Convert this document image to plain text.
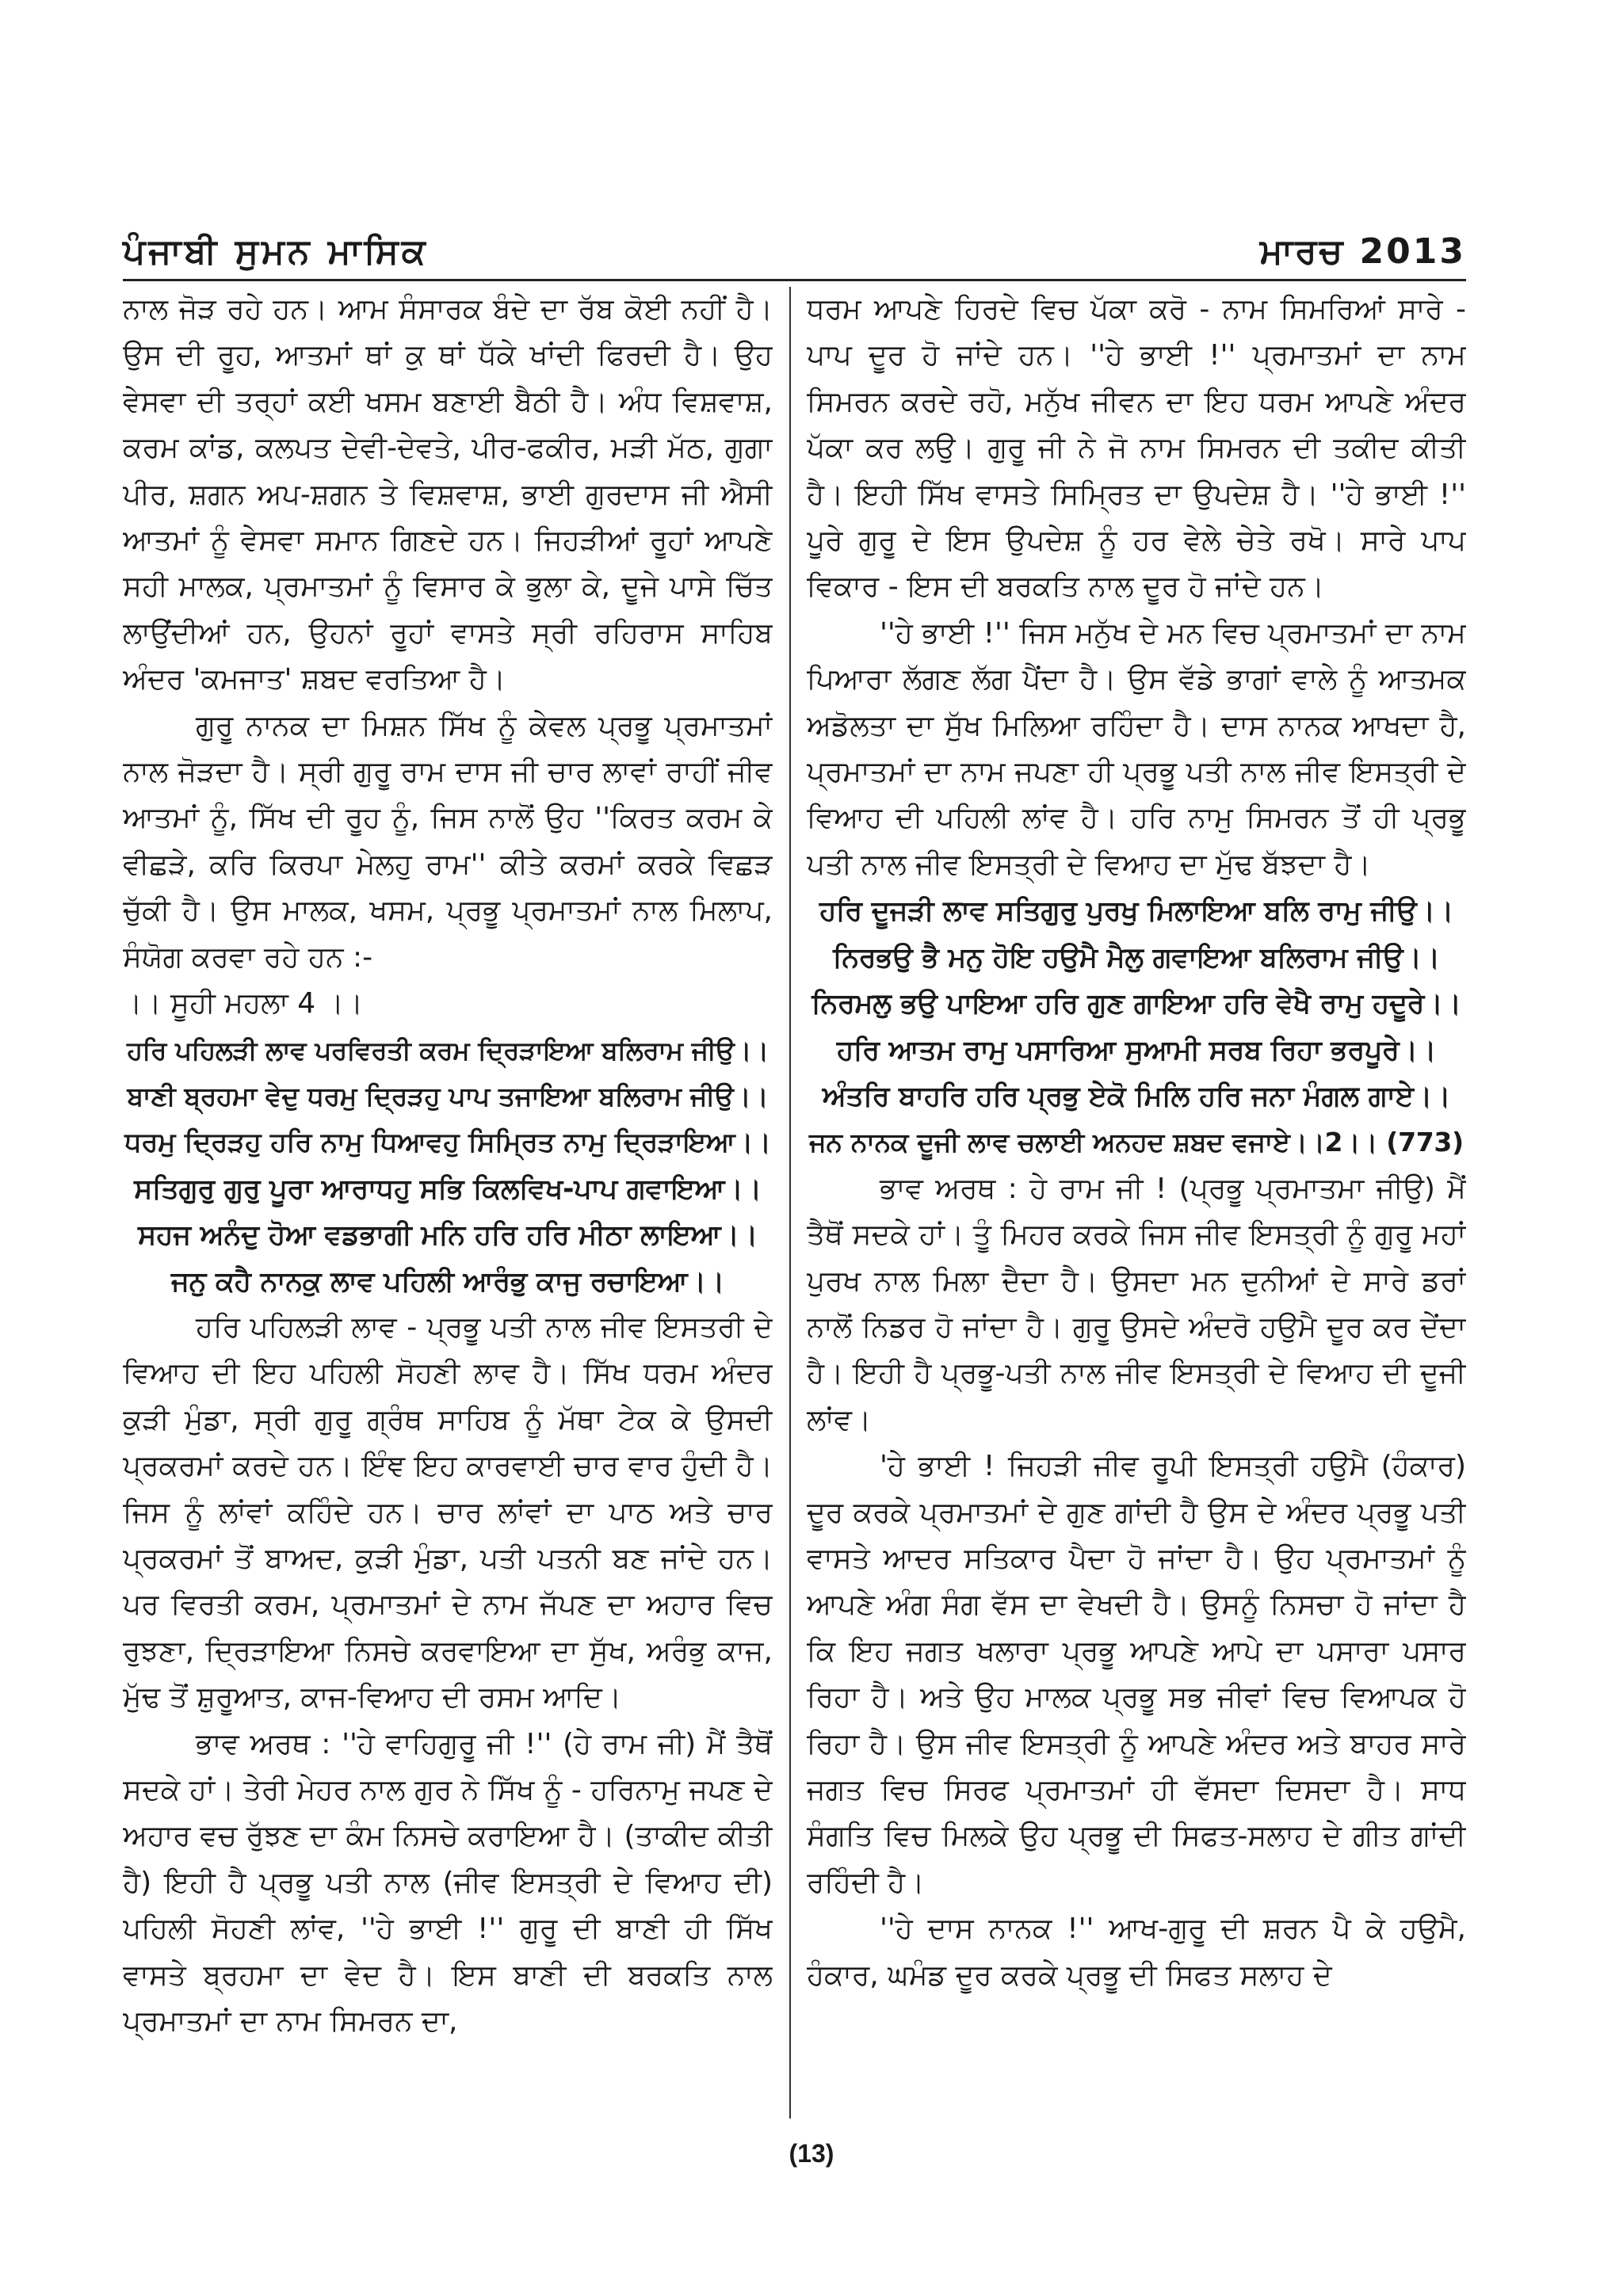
ਪੰਜਾਬੀ ਸੁਮਨ ਮਾਸਿਕ	ਮਾਰਚ 2013

ਨਾਲ ਜੋੜ ਰਹੇ ਹਨ। ਆਮ ਸੰਸਾਰਕ ਬੰਦੇ ਦਾ ਰੱਬ ਕੋਈ ਨਹੀਂ ਹੈ। ਉਸ ਦੀ ਰੂਹ, ਆਤਮਾਂ ਥਾਂ ਕੁ ਥਾਂ ਧੱਕੇ ਖਾਂਦੀ ਫਿਰਦੀ ਹੈ। ਉਹ ਵੇਸਵਾ ਦੀ ਤਰ੍ਹਾਂ ਕਈ ਖਸਮ ਬਣਾਈ ਬੈਠੀ ਹੈ। ਅੰਧ ਵਿਸ਼ਵਾਸ਼, ਕਰਮ ਕਾਂਡ, ਕਲਪਤ ਦੇਵੀ-ਦੇਵਤੇ, ਪੀਰ-ਫਕੀਰ, ਮੜੀ ਮੱਠ, ਗੁਗਾ ਪੀਰ, ਸ਼ਗਨ ਅਪ-ਸ਼ਗਨ ਤੇ ਵਿਸ਼ਵਾਸ਼, ਭਾਈ ਗੁਰਦਾਸ ਜੀ ਐਸੀ ਆਤਮਾਂ ਨੂੰ ਵੇਸਵਾ ਸਮਾਨ ਗਿਣਦੇ ਹਨ। ਜਿਹੜੀਆਂ ਰੂਹਾਂ ਆਪਣੇ ਸਹੀ ਮਾਲਕ, ਪ੍ਰਮਾਤਮਾਂ ਨੂੰ ਵਿਸਾਰ ਕੇ ਭੁਲਾ ਕੇ, ਦੂਜੇ ਪਾਸੇ ਚਿੱਤ ਲਾਉਂਦੀਆਂ ਹਨ, ਉਹਨਾਂ ਰੂਹਾਂ ਵਾਸਤੇ ਸ੍ਰੀ ਰਹਿਰਾਸ ਸਾਹਿਬ ਅੰਦਰ 'ਕਮਜਾਤ' ਸ਼ਬਦ ਵਰਤਿਆ ਹੈ।

ਗੁਰੂ ਨਾਨਕ ਦਾ ਮਿਸ਼ਨ ਸਿੱਖ ਨੂੰ ਕੇਵਲ ਪ੍ਰਭੂ ਪ੍ਰਮਾਤਮਾਂ ਨਾਲ ਜੋੜਦਾ ਹੈ। ਸ੍ਰੀ ਗੁਰੂ ਰਾਮ ਦਾਸ ਜੀ ਚਾਰ ਲਾਵਾਂ ਰਾਹੀਂ ਜੀਵ ਆਤਮਾਂ ਨੂੰ, ਸਿੱਖ ਦੀ ਰੂਹ ਨੂੰ, ਜਿਸ ਨਾਲੋਂ ਉਹ ''ਕਿਰਤ ਕਰਮ ਕੇ ਵੀਛੜੇ, ਕਰਿ ਕਿਰਪਾ ਮੇਲਹੁ ਰਾਮ'' ਕੀਤੇ ਕਰਮਾਂ ਕਰਕੇ ਵਿਛੜ ਚੁੱਕੀ ਹੈ। ਉਸ ਮਾਲਕ, ਖਸਮ, ਪ੍ਰਭੂ ਪ੍ਰਮਾਤਮਾਂ ਨਾਲ ਮਿਲਾਪ, ਸੰਯੋਗ ਕਰਵਾ ਰਹੇ ਹਨ :-

।। ਸੂਹੀ ਮਹਲਾ 4 ।।

ਹਰਿ ਪਹਿਲੜੀ ਲਾਵ ਪਰਵਿਰਤੀ ਕਰਮ ਦ੍ਰਿੜਾਇਆ ਬਲਿਰਾਮ ਜੀਉ।।
ਬਾਣੀ ਬ੍ਰਹਮਾ ਵੇਦੁ ਧਰਮੁ ਦ੍ਰਿੜਹੁ ਪਾਪ ਤਜਾਇਆ ਬਲਿਰਾਮ ਜੀਉ।।
ਧਰਮੁ ਦ੍ਰਿੜਹੁ ਹਰਿ ਨਾਮੁ ਧਿਆਵਹੁ ਸਿਮ੍ਰਿਤ ਨਾਮੁ ਦ੍ਰਿੜਾਇਆ।।
ਸਤਿਗੁਰੁ ਗੁਰੁ ਪੂਰਾ ਆਰਾਧਹੁ ਸਭਿ ਕਿਲਵਿਖ-ਪਾਪ ਗਵਾਇਆ।।
ਸਹਜ ਅਨੰਦੁ ਹੋਆ ਵਡਭਾਗੀ ਮਨਿ ਹਰਿ ਹਰਿ ਮੀਠਾ ਲਾਇਆ।।
ਜਨੁ ਕਹੈ ਨਾਨਕੁ ਲਾਵ ਪਹਿਲੀ ਆਰੰਭੁ ਕਾਜੁ ਰਚਾਇਆ।।

ਹਰਿ ਪਹਿਲੜੀ ਲਾਵ - ਪ੍ਰਭੂ ਪਤੀ ਨਾਲ ਜੀਵ ਇਸਤਰੀ ਦੇ ਵਿਆਹ ਦੀ ਇਹ ਪਹਿਲੀ ਸੋਹਣੀ ਲਾਵ ਹੈ। ਸਿੱਖ ਧਰਮ ਅੰਦਰ ਕੁੜੀ ਮੁੰਡਾ, ਸ੍ਰੀ ਗੁਰੂ ਗ੍ਰੰਥ ਸਾਹਿਬ ਨੂੰ ਮੱਥਾ ਟੇਕ ਕੇ ਉਸਦੀ ਪ੍ਰਕਰਮਾਂ ਕਰਦੇ ਹਨ। ਇੰਞ ਇਹ ਕਾਰਵਾਈ ਚਾਰ ਵਾਰ ਹੁੰਦੀ ਹੈ। ਜਿਸ ਨੂੰ ਲਾਂਵਾਂ ਕਹਿੰਦੇ ਹਨ। ਚਾਰ ਲਾਂਵਾਂ ਦਾ ਪਾਠ ਅਤੇ ਚਾਰ ਪ੍ਰਕਰਮਾਂ ਤੋਂ ਬਾਅਦ, ਕੁੜੀ ਮੁੰਡਾ, ਪਤੀ ਪਤਨੀ ਬਣ ਜਾਂਦੇ ਹਨ। ਪਰ ਵਿਰਤੀ ਕਰਮ, ਪ੍ਰਮਾਤਮਾਂ ਦੇ ਨਾਮ ਜੱਪਣ ਦਾ ਅਹਾਰ ਵਿਚ ਰੁਝਣਾ, ਦ੍ਰਿੜਾਇਆ ਨਿਸਚੇ ਕਰਵਾਇਆ ਦਾ ਸੁੱਖ, ਅਰੰਭੁ ਕਾਜ, ਮੁੱਢ ਤੋਂ ਸ਼ੁਰੂਆਤ, ਕਾਜ-ਵਿਆਹ ਦੀ ਰਸਮ ਆਦਿ।

ਭਾਵ ਅਰਥ : ''ਹੇ ਵਾਹਿਗੁਰੂ ਜੀ !'' (ਹੇ ਰਾਮ ਜੀ) ਮੈਂ ਤੈਥੋਂ ਸਦਕੇ ਹਾਂ। ਤੇਰੀ ਮੇਹਰ ਨਾਲ ਗੁਰ ਨੇ ਸਿੱਖ ਨੂੰ - ਹਰਿਨਾਮੁ ਜਪਣ ਦੇ ਅਹਾਰ ਵਚ ਰੁੱਝਣ ਦਾ ਕੰਮ ਨਿਸਚੇ ਕਰਾਇਆ ਹੈ। (ਤਾਕੀਦ ਕੀਤੀ ਹੈ) ਇਹੀ ਹੈ ਪ੍ਰਭੂ ਪਤੀ ਨਾਲ (ਜੀਵ ਇਸਤ੍ਰੀ ਦੇ ਵਿਆਹ ਦੀ) ਪਹਿਲੀ ਸੋਹਣੀ ਲਾਂਵ, ''ਹੇ ਭਾਈ !'' ਗੁਰੂ ਦੀ ਬਾਣੀ ਹੀ ਸਿੱਖ ਵਾਸਤੇ ਬ੍ਰਹਮਾ ਦਾ ਵੇਦ ਹੈ। ਇਸ ਬਾਣੀ ਦੀ ਬਰਕਤਿ ਨਾਲ ਪ੍ਰਮਾਤਮਾਂ ਦਾ ਨਾਮ ਸਿਮਰਨ ਦਾ,

ਧਰਮ ਆਪਣੇ ਹਿਰਦੇ ਵਿਚ ਪੱਕਾ ਕਰੋ - ਨਾਮ ਸਿਮਰਿਆਂ ਸਾਰੇ - ਪਾਪ ਦੂਰ ਹੋ ਜਾਂਦੇ ਹਨ। ''ਹੇ ਭਾਈ !'' ਪ੍ਰਮਾਤਮਾਂ ਦਾ ਨਾਮ ਸਿਮਰਨ ਕਰਦੇ ਰਹੋ, ਮਨੁੱਖ ਜੀਵਨ ਦਾ ਇਹ ਧਰਮ ਆਪਣੇ ਅੰਦਰ ਪੱਕਾ ਕਰ ਲਉ। ਗੁਰੂ ਜੀ ਨੇ ਜੋ ਨਾਮ ਸਿਮਰਨ ਦੀ ਤਕੀਦ ਕੀਤੀ ਹੈ। ਇਹੀ ਸਿੱਖ ਵਾਸਤੇ ਸਿਮ੍ਰਿਤ ਦਾ ਉਪਦੇਸ਼ ਹੈ। ''ਹੇ ਭਾਈ !'' ਪੂਰੇ ਗੁਰੂ ਦੇ ਇਸ ਉਪਦੇਸ਼ ਨੂੰ ਹਰ ਵੇਲੇ ਚੇਤੇ ਰਖੋ। ਸਾਰੇ ਪਾਪ ਵਿਕਾਰ - ਇਸ ਦੀ ਬਰਕਤਿ ਨਾਲ ਦੂਰ ਹੋ ਜਾਂਦੇ ਹਨ।

''ਹੇ ਭਾਈ !'' ਜਿਸ ਮਨੁੱਖ ਦੇ ਮਨ ਵਿਚ ਪ੍ਰਮਾਤਮਾਂ ਦਾ ਨਾਮ ਪਿਆਰਾ ਲੱਗਣ ਲੱਗ ਪੈਂਦਾ ਹੈ। ਉਸ ਵੱਡੇ ਭਾਗਾਂ ਵਾਲੇ ਨੂੰ ਆਤਮਕ ਅਡੋਲਤਾ ਦਾ ਸੁੱਖ ਮਿਲਿਆ ਰਹਿੰਦਾ ਹੈ। ਦਾਸ ਨਾਨਕ ਆਖਦਾ ਹੈ, ਪ੍ਰਮਾਤਮਾਂ ਦਾ ਨਾਮ ਜਪਣਾ ਹੀ ਪ੍ਰਭੂ ਪਤੀ ਨਾਲ ਜੀਵ ਇਸਤ੍ਰੀ ਦੇ ਵਿਆਹ ਦੀ ਪਹਿਲੀ ਲਾਂਵ ਹੈ। ਹਰਿ ਨਾਮੁ ਸਿਮਰਨ ਤੋਂ ਹੀ ਪ੍ਰਭੂ ਪਤੀ ਨਾਲ ਜੀਵ ਇਸਤ੍ਰੀ ਦੇ ਵਿਆਹ ਦਾ ਮੁੱਢ ਬੱਝਦਾ ਹੈ।

ਹਰਿ ਦੂਜੜੀ ਲਾਵ ਸਤਿਗੁਰੁ ਪੁਰਖੁ ਮਿਲਾਇਆ ਬਲਿ ਰਾਮੁ ਜੀਉ।।
ਨਿਰਭਉ ਭੈ ਮਨੁ ਹੋਇ ਹਉਮੈ ਮੈਲੁ ਗਵਾਇਆ ਬਲਿਰਾਮ ਜੀਉ।।
ਨਿਰਮਲੁ ਭਉ ਪਾਇਆ ਹਰਿ ਗੁਣ ਗਾਇਆ ਹਰਿ ਵੇਖੈ ਰਾਮੁ ਹਦੂਰੇ।।
ਹਰਿ ਆਤਮ ਰਾਮੁ ਪਸਾਰਿਆ ਸੁਆਮੀ ਸਰਬ ਰਿਹਾ ਭਰਪੂਰੇ।।
ਅੰਤਰਿ ਬਾਹਰਿ ਹਰਿ ਪ੍ਰਭੁ ਏਕੋ ਮਿਲਿ ਹਰਿ ਜਨਾ ਮੰਗਲ ਗਾਏ।।
ਜਨ ਨਾਨਕ ਦੂਜੀ ਲਾਵ ਚਲਾਈ ਅਨਹਦ ਸ਼ਬਦ ਵਜਾਏ।।2।। (773)

ਭਾਵ ਅਰਥ : ਹੇ ਰਾਮ ਜੀ ! (ਪ੍ਰਭੂ ਪ੍ਰਮਾਤਮਾ ਜੀਉ) ਮੈਂ ਤੈਥੋਂ ਸਦਕੇ ਹਾਂ। ਤੂੰ ਮਿਹਰ ਕਰਕੇ ਜਿਸ ਜੀਵ ਇਸਤ੍ਰੀ ਨੂੰ ਗੁਰੂ ਮਹਾਂ ਪੁਰਖ ਨਾਲ ਮਿਲਾ ਦੈਦਾ ਹੈ। ਉਸਦਾ ਮਨ ਦੁਨੀਆਂ ਦੇ ਸਾਰੇ ਡਰਾਂ ਨਾਲੋਂ ਨਿਡਰ ਹੋ ਜਾਂਦਾ ਹੈ। ਗੁਰੂ ਉਸਦੇ ਅੰਦਰੋ ਹਉਮੈ ਦੂਰ ਕਰ ਦੇਂਦਾ ਹੈ। ਇਹੀ ਹੈ ਪ੍ਰਭੂ-ਪਤੀ ਨਾਲ ਜੀਵ ਇਸਤ੍ਰੀ ਦੇ ਵਿਆਹ ਦੀ ਦੂਜੀ ਲਾਂਵ।

'ਹੇ ਭਾਈ ! ਜਿਹੜੀ ਜੀਵ ਰੂਪੀ ਇਸਤ੍ਰੀ ਹਉਮੈ (ਹੰਕਾਰ) ਦੂਰ ਕਰਕੇ ਪ੍ਰਮਾਤਮਾਂ ਦੇ ਗੁਣ ਗਾਂਦੀ ਹੈ ਉਸ ਦੇ ਅੰਦਰ ਪ੍ਰਭੂ ਪਤੀ ਵਾਸਤੇ ਆਦਰ ਸਤਿਕਾਰ ਪੈਦਾ ਹੋ ਜਾਂਦਾ ਹੈ। ਉਹ ਪ੍ਰਮਾਤਮਾਂ ਨੂੰ ਆਪਣੇ ਅੰਗ ਸੰਗ ਵੱਸ ਦਾ ਵੇਖਦੀ ਹੈ। ਉਸਨੂੰ ਨਿਸਚਾ ਹੋ ਜਾਂਦਾ ਹੈ ਕਿ ਇਹ ਜਗਤ ਖਲਾਰਾ ਪ੍ਰਭੂ ਆਪਣੇ ਆਪੇ ਦਾ ਪਸਾਰਾ ਪਸਾਰ ਰਿਹਾ ਹੈ। ਅਤੇ ਉਹ ਮਾਲਕ ਪ੍ਰਭੂ ਸਭ ਜੀਵਾਂ ਵਿਚ ਵਿਆਪਕ ਹੋ ਰਿਹਾ ਹੈ। ਉਸ ਜੀਵ ਇਸਤ੍ਰੀ ਨੂੰ ਆਪਣੇ ਅੰਦਰ ਅਤੇ ਬਾਹਰ ਸਾਰੇ ਜਗਤ ਵਿਚ ਸਿਰਫ ਪ੍ਰਮਾਤਮਾਂ ਹੀ ਵੱਸਦਾ ਦਿਸਦਾ ਹੈ। ਸਾਧ ਸੰਗਤਿ ਵਿਚ ਮਿਲਕੇ ਉਹ ਪ੍ਰਭੂ ਦੀ ਸਿਫਤ-ਸਲਾਹ ਦੇ ਗੀਤ ਗਾਂਦੀ ਰਹਿੰਦੀ ਹੈ।

''ਹੇ ਦਾਸ ਨਾਨਕ !'' ਆਖ-ਗੁਰੂ ਦੀ ਸ਼ਰਨ ਪੈ ਕੇ ਹਉਮੈ, ਹੰਕਾਰ, ਘਮੰਡ ਦੂਰ ਕਰਕੇ ਪ੍ਰਭੂ ਦੀ ਸਿਫਤ ਸਲਾਹ ਦੇ

(13)
